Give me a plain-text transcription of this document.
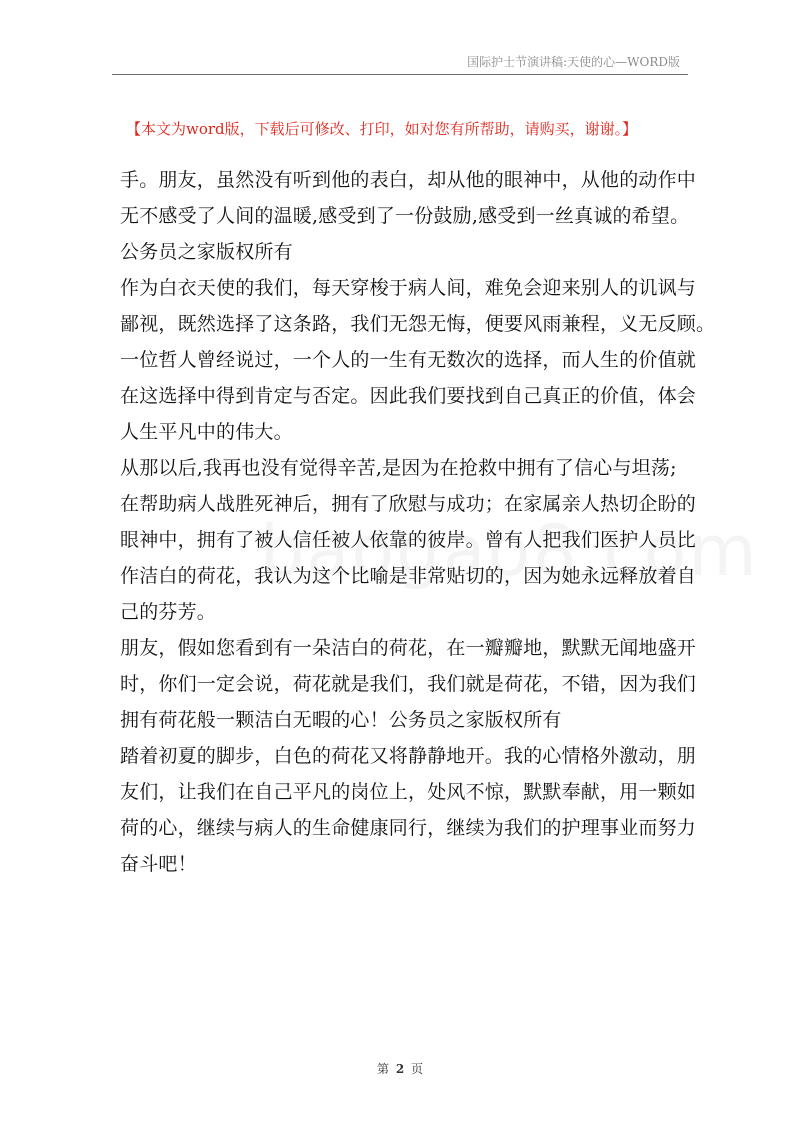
国际护士节演讲稿:天使的心—WORD版
【本文为word版，下载后可修改、打印，如对您有所帮助，请购买，谢谢。】

手。朋友，虽然没有听到他的表白，却从他的眼神中，从他的动作中
无不感受了人间的温暖,感受到了一份鼓励,感受到一丝真诚的希望。
公务员之家版权所有

作为白衣天使的我们，每天穿梭于病人间，难免会迎来别人的讥讽与
鄙视，既然选择了这条路，我们无怨无悔，便要风雨兼程，义无反顾。
一位哲人曾经说过，一个人的一生有无数次的选择，而人生的价值就
在这选择中得到肯定与否定。因此我们要找到自己真正的价值，体会
人生平凡中的伟大。

从那以后,我再也没有觉得辛苦,是因为在抢救中拥有了信心与坦荡;
在帮助病人战胜死神后，拥有了欣慰与成功；在家属亲人热切企盼的
眼神中，拥有了被人信任被人依靠的彼岸。曾有人把我们医护人员比
作洁白的荷花，我认为这个比喻是非常贴切的，因为她永远释放着自
己的芬芳。

朋友，假如您看到有一朵洁白的荷花，在一瓣瓣地，默默无闻地盛开
时，你们一定会说，荷花就是我们，我们就是荷花，不错，因为我们
拥有荷花般一颗洁白无暇的心！公务员之家版权所有

踏着初夏的脚步，白色的荷花又将静静地开。我的心情格外激动，朋
友们，让我们在自己平凡的岗位上，处风不惊，默默奉献，用一颗如
荷的心，继续与病人的生命健康同行，继续为我们的护理事业而努力
奋斗吧！

第 2 页
